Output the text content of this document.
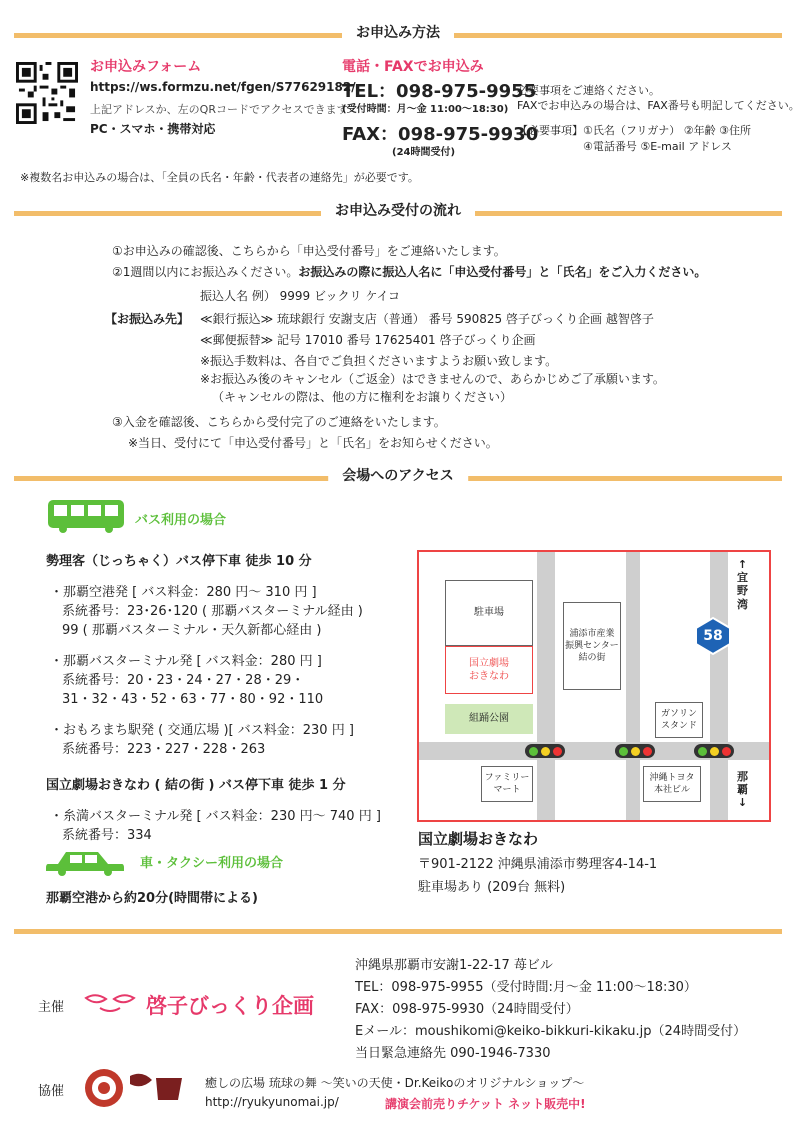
お申込み方法
お申込みフォーム
https://ws.formzu.net/fgen/S77629182/
上記アドレスか、左のQRコードでアクセスできます
PC・スマホ・携帯対応
電話・FAXでお申込み
TEL：098-975-9955
(受付時間：月〜金 11:00〜18:30)
FAX：098-975-9930
(24時間受付)
必要事項をご連絡ください。
FAXでお申込みの場合は、FAX番号も明記してください。
【必要事項】①氏名（フリガナ） ②年齢 ③住所
④電話番号 ⑤E-mail アドレス
※複数名お申込みの場合は、「全員の氏名・年齢・代表者の連絡先」が必要です。
お申込み受付の流れ
①お申込みの確認後、こちらから「申込受付番号」をご連絡いたします。
②1週間以内にお振込みください。お振込みの際に振込人名に「申込受付番号」と「氏名」をご入力ください。
振込人名 例） 9999 ビックリ ケイコ
【お振込み先】 ≪銀行振込≫ 琉球銀行 安謝支店（普通） 番号 590825 啓子びっくり企画 越智啓子
≪郵便振替≫ 記号 17010 番号 17625401 啓子びっくり企画
※振込手数料は、各自でご負担くださいますようお願い致します。
※お振込み後のキャンセル（ご返金）はできませんので、あらかじめご了承願います。
（キャンセルの際は、他の方に権利をお譲りください）
③入金を確認後、こちらから受付完了のご連絡をいたします。
※当日、受付にて「申込受付番号」と「氏名」をお知らせください。
会場へのアクセス
バス利用の場合
勢理客（じっちゃく）バス停下車 徒歩 10 分
・那覇空港発 [ バス料金：280 円〜 310 円 ]
系統番号：23･26･120 ( 那覇バスターミナル経由 )
99 ( 那覇バスターミナル・天久新都心経由 )
・那覇バスターミナル発 [ バス料金：280 円 ]
系統番号：20・23・24・27・28・29・
31・32・43・52・63・77・80・92・110
・おもろまち駅発 ( 交通広場 )[ バス料金：230 円 ]
系統番号：223・227・228・263
国立劇場おきなわ ( 結の街 ) バス停下車 徒歩 1 分
・糸満バスターミナル発 [ バス料金：230 円〜 740 円 ]
系統番号：334
車・タクシー利用の場合
那覇空港から約20分(時間帯による)
駐車場
国立劇場
おきなわ
浦添市産業
振興センター
結の街
組踊公園	ガソリン
スタンド
ファミリー
マート
沖縄トヨタ
本社ビル
58
↑
宜
野
湾
那
覇
↓
国立劇場おきなわ
〒901-2122 沖縄県浦添市勢理客4-14-1
駐車場あり (209台 無料)
主催	啓子びっくり企画
沖縄県那覇市安謝1-22-17 苺ビル
TEL：098-975-9955（受付時間:月〜金 11:00〜18:30）
FAX：098-975-9930（24時間受付）
Eメール：moushikomi@keiko-bikkuri-kikaku.jp（24時間受付）
当日緊急連絡先 090-1946-7330
協催
癒しの広場 琉球の舞 〜笑いの天使・Dr.Keikoのオリジナルショップ〜
http://ryukyunomai.jp/	講演会前売りチケット ネット販売中!
